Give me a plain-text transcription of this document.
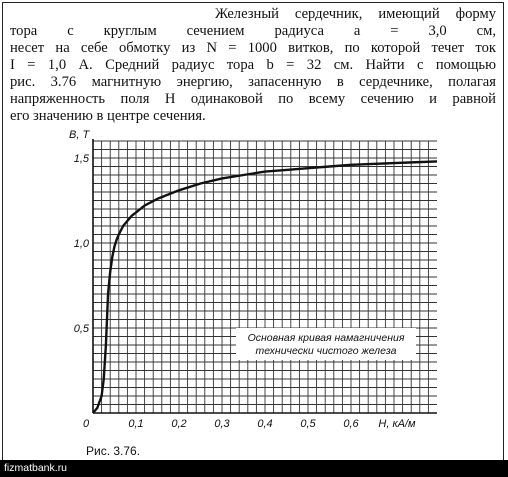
Железный сердечник, имеющий форму
тора с круглым сечением радиуса a = 3,0 см,
несет на себе обмотку из N = 1000 витков, по которой течет ток
I = 1,0 А. Средний радиус тора b = 32 см. Найти с помощью
рис. 3.76 магнитную энергию, запасенную в сердечнике, полагая
напряженность поля H одинаковой по всему сечению и равной
его значению в центре сечения.
0	0,1	0,2	0,3	0,4	0,5	0,6
0,5
1,0
1,5
B, Т
H, кА/м
Основная кривая намагничения
технически чистого железа
Рис. 3.76.
fizmatbank.ru
